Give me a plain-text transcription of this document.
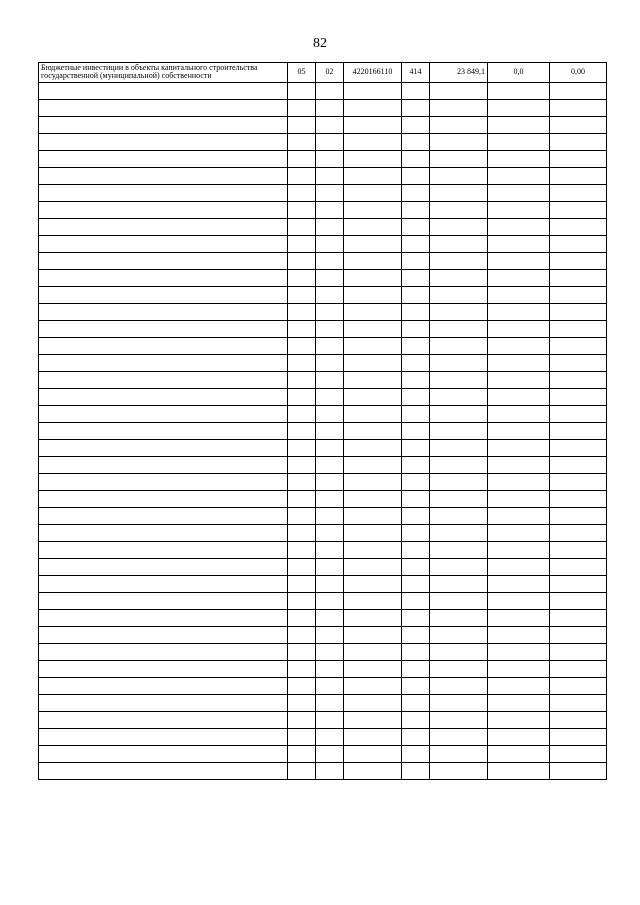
82
Бюджетные инвестиции в объекты капитального строительства государственной (муниципальной) собственности	05	02	4220166110	414	23 849,1	0,0	0,00
